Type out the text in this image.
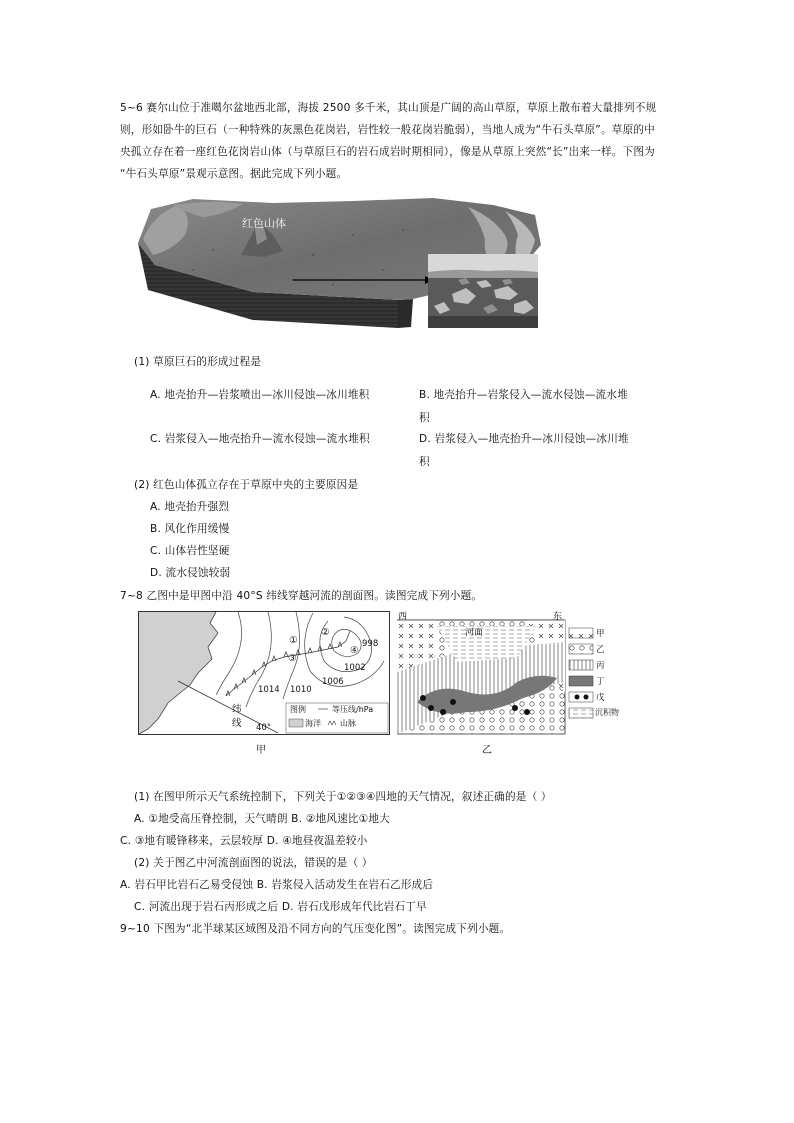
5~6 赛尔山位于准噶尔盆地西北部，海拔 2500 多千米，其山顶是广阔的高山草原，草原上散布着大量排列不规
则，形如卧牛的巨石（一种特殊的灰黑色花岗岩，岩性较一般花岗岩脆弱），当地人成为“牛石头草原”。草原的中
央孤立存在着一座红色花岗岩山体（与草原巨石的岩石成岩时期相同），像是从草原上突然“长”出来一样。下图为
“牛石头草原”景观示意图。据此完成下列小题。
红色山体
(1) 草原巨石的形成过程是
A. 地壳抬升—岩浆喷出—冰川侵蚀—冰川堆积	B. 地壳抬升—岩浆侵入—流水侵蚀—流水堆
积
C. 岩浆侵入—地壳抬升—流水侵蚀—流水堆积	D. 岩浆侵入—地壳抬升—冰川侵蚀—冰川堆
积
(2) 红色山体孤立存在于草原中央的主要原因是
A. 地壳抬升强烈
B. 风化作用缓慢
C. 山体岩性坚硬
D. 流水侵蚀较弱
7~8 乙图中是甲图中沿 40°S 纬线穿越河流的剖面图。读图完成下列小题。
①
②
③
④
998
1002
1006
1010
1014
纬
线 40°
图例	等压线/hPa
海洋 山脉
甲
西	东
河面	甲
乙
丙
丁
戊
沉积物
乙
(1) 在图甲所示天气系统控制下，下列关于①②③④四地的天气情况，叙述正确的是（ ）
A. ①地受高压脊控制，天气晴朗 B. ②地风速比①地大
C. ③地有暖锋移来，云层较厚 D. ④地昼夜温差较小
(2) 关于图乙中河流剖面图的说法，错误的是（ ）
A. 岩石甲比岩石乙易受侵蚀 B. 岩浆侵入活动发生在岩石乙形成后
C. 河流出现于岩石丙形成之后 D. 岩石戊形成年代比岩石丁早
9~10 下图为“北半球某区域图及沿不同方向的气压变化图”。读图完成下列小题。
